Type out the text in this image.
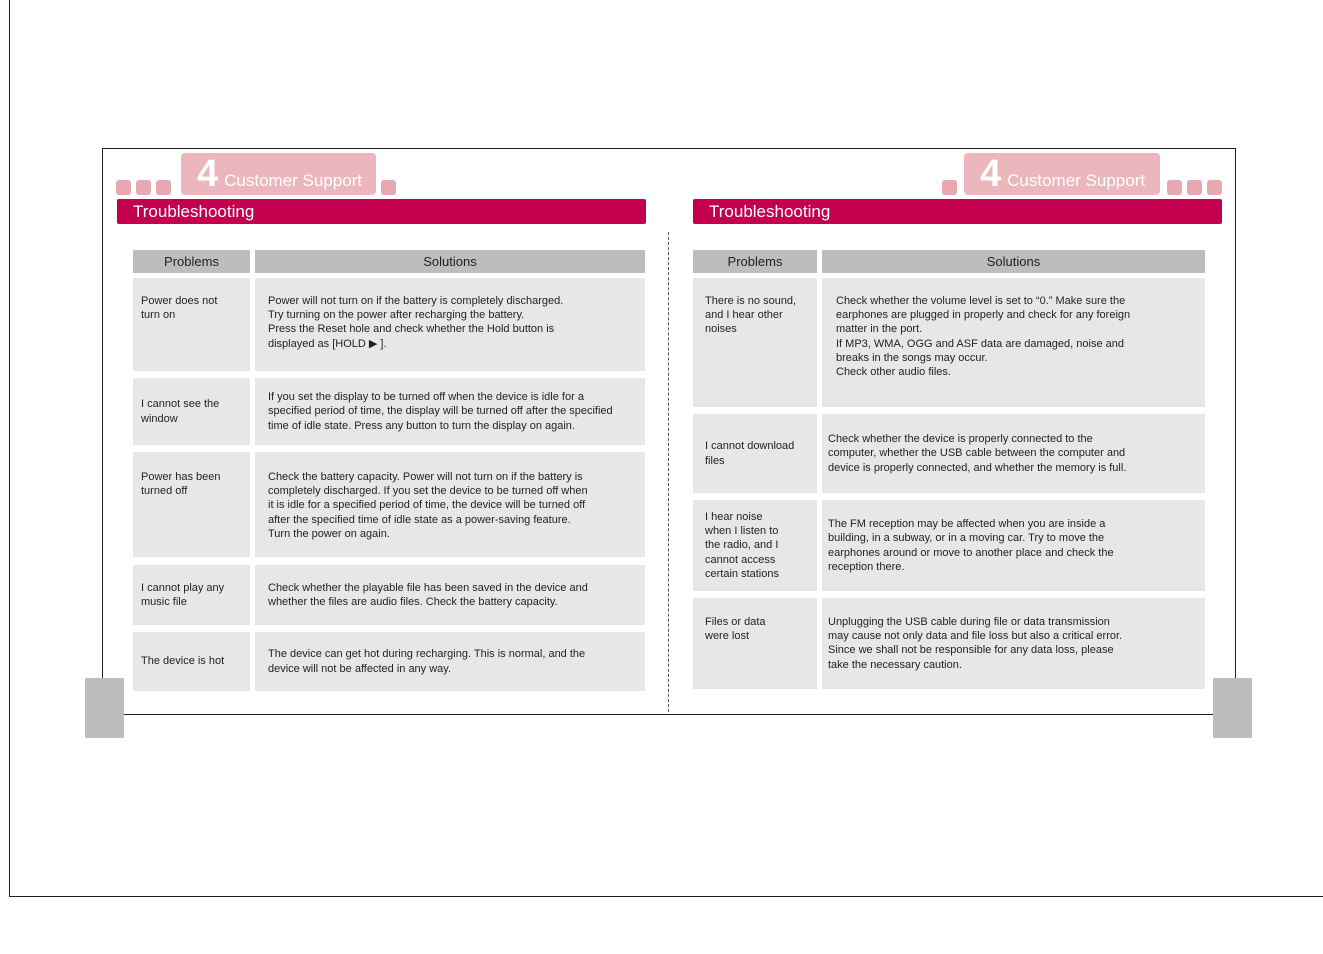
4 Customer Support
Troubleshooting
Problems	Solutions
Power does not
turn on
Power will not turn on if the battery is completely discharged.
Try turning on the power after recharging the battery.
Press the Reset hole and check whether the Hold button is
displayed as [HOLD ▶ ].
I cannot see the
window
If you set the display to be turned off when the device is idle for a
specified period of time, the display will be turned off after the specified
time of idle state. Press any button to turn the display on again.
Power has been
turned off
Check the battery capacity. Power will not turn on if the battery is
completely discharged. If you set the device to be turned off when
it is idle for a specified period of time, the device will be turned off
after the specified time of idle state as a power-saving feature.
Turn the power on again.
I cannot play any
music file
Check whether the playable file has been saved in the device and
whether the files are audio files. Check the battery capacity.
The device is hot
The device can get hot during recharging. This is normal, and the
device will not be affected in any way.
4 Customer Support
Troubleshooting
Problems	Solutions
There is no sound,
and I hear other
noises
Check whether the volume level is set to “0.” Make sure the
earphones are plugged in properly and check for any foreign
matter in the port.
If MP3, WMA, OGG and ASF data are damaged, noise and
breaks in the songs may occur.
Check other audio files.
I cannot download
files
Check whether the device is properly connected to the
computer, whether the USB cable between the computer and
device is properly connected, and whether the memory is full.
I hear noise
when I listen to
the radio, and I
cannot access
certain stations
The FM reception may be affected when you are inside a
building, in a subway, or in a moving car. Try to move the
earphones around or move to another place and check the
reception there.
Files or data
were lost
Unplugging the USB cable during file or data transmission
may cause not only data and file loss but also a critical error.
Since we shall not be responsible for any data loss, please
take the necessary caution.
